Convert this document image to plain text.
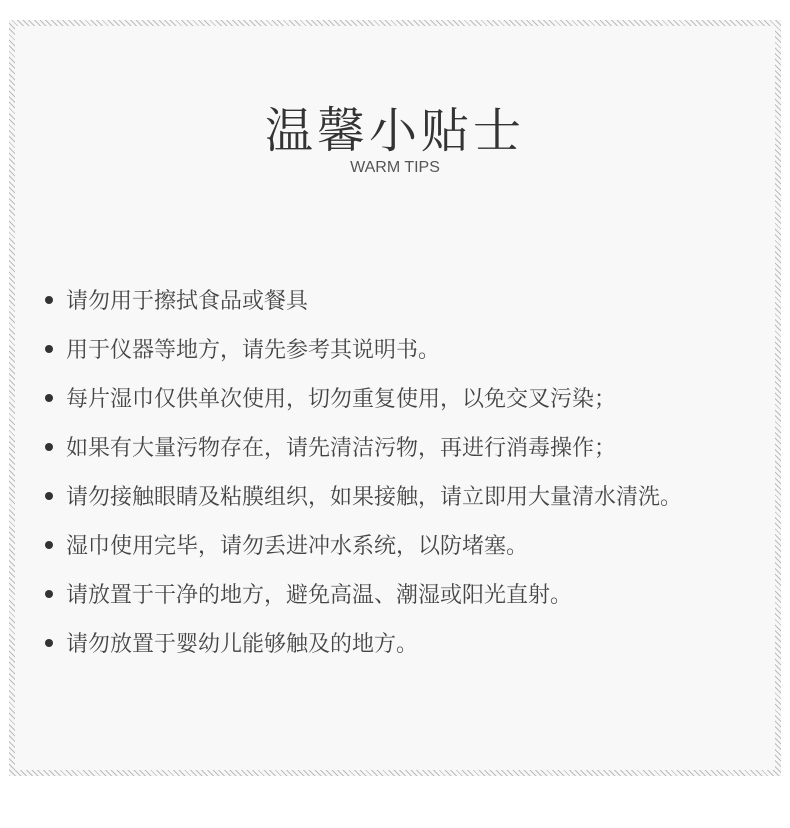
温馨小贴士
WARM TIPS
请勿用于擦拭食品或餐具
用于仪器等地方，请先参考其说明书。
每片湿巾仅供单次使用，切勿重复使用，以免交叉污染；
如果有大量污物存在，请先清洁污物，再进行消毒操作；
请勿接触眼睛及粘膜组织，如果接触，请立即用大量清水清洗。
湿巾使用完毕，请勿丢进冲水系统，以防堵塞。
请放置于干净的地方，避免高温、潮湿或阳光直射。
请勿放置于婴幼儿能够触及的地方。
